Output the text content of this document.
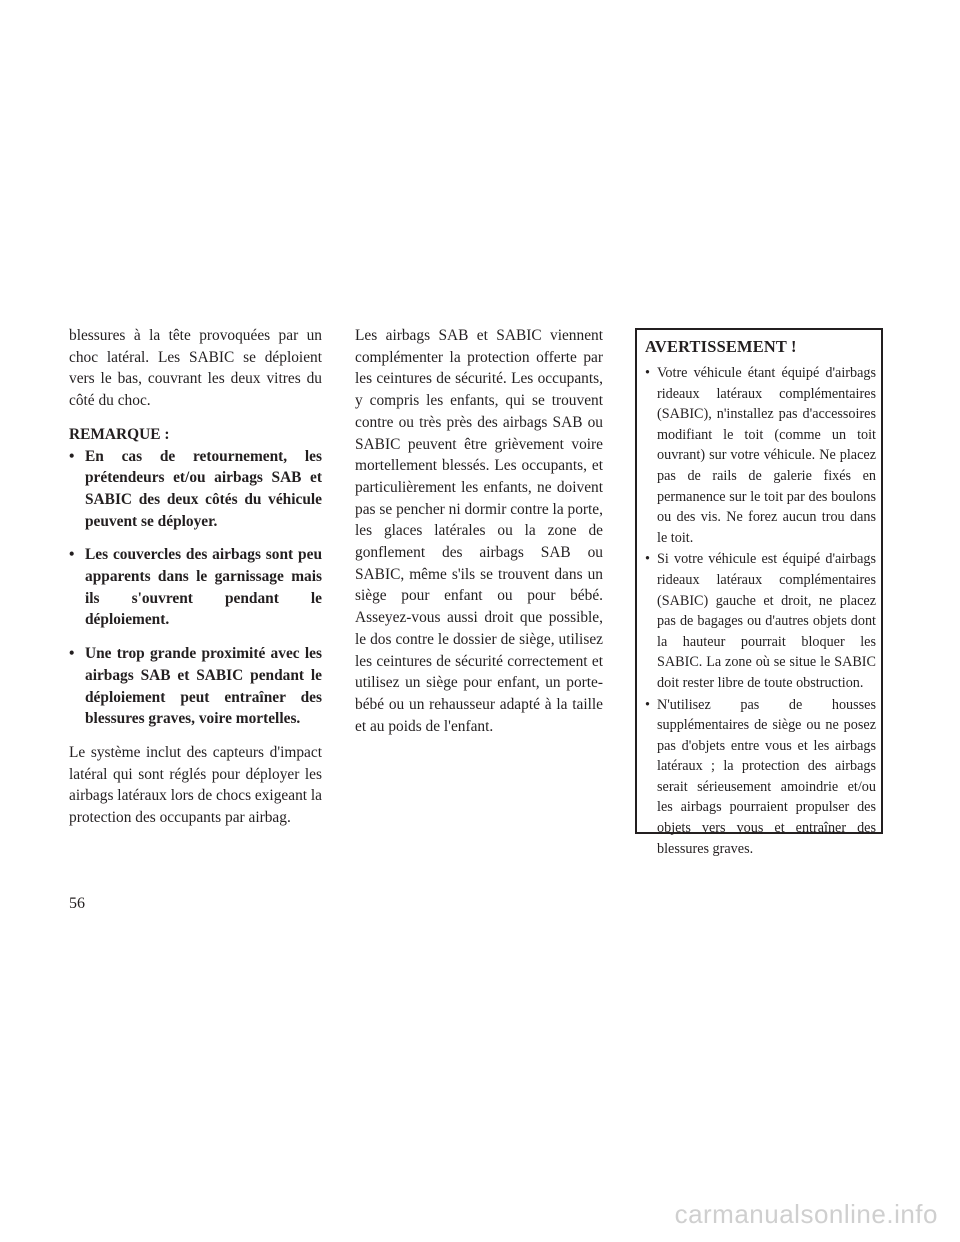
blessures à la tête provoquées par un choc latéral. Les SABIC se déploient vers le bas, couvrant les deux vitres du côté du choc.

REMARQUE :

• En cas de retournement, les prétendeurs et/ou airbags SAB et SABIC des deux côtés du véhicule peuvent se déployer.
• Les couvercles des airbags sont peu apparents dans le garnissage mais ils s'ouvrent pendant le déploiement.
• Une trop grande proximité avec les airbags SAB et SABIC pendant le déploiement peut entraîner des blessures graves, voire mortelles.

Le système inclut des capteurs d'impact latéral qui sont réglés pour déployer les airbags latéraux lors de chocs exigeant la protection des occupants par airbag.

Les airbags SAB et SABIC viennent complémenter la protection offerte par les ceintures de sécurité. Les occupants, y compris les enfants, qui se trouvent contre ou très près des airbags SAB ou SABIC peuvent être grièvement voire mortellement blessés. Les occupants, et particulièrement les enfants, ne doivent pas se pencher ni dormir contre la porte, les glaces latérales ou la zone de gonflement des airbags SAB ou SABIC, même s'ils se trouvent dans un siège pour enfant ou pour bébé. Asseyez-vous aussi droit que possible, le dos contre le dossier de siège, utilisez les ceintures de sécurité correctement et utilisez un siège pour enfant, un porte-bébé ou un rehausseur adapté à la taille et au poids de l'enfant.

AVERTISSEMENT !
• Votre véhicule étant équipé d'airbags rideaux latéraux complémentaires (SABIC), n'installez pas d'accessoires modifiant le toit (comme un toit ouvrant) sur votre véhicule. Ne placez pas de rails de galerie fixés en permanence sur le toit par des boulons ou des vis. Ne forez aucun trou dans le toit.
• Si votre véhicule est équipé d'airbags rideaux latéraux complémentaires (SABIC) gauche et droit, ne placez pas de bagages ou d'autres objets dont la hauteur pourrait bloquer les SABIC. La zone où se situe le SABIC doit rester libre de toute obstruction.
• N'utilisez pas de housses supplémentaires de siège ou ne posez pas d'objets entre vous et les airbags latéraux ; la protection des airbags serait sérieusement amoindrie et/ou les airbags pourraient propulser des objets vers vous et entraîner des blessures graves.
56
carmanualsonline.info
